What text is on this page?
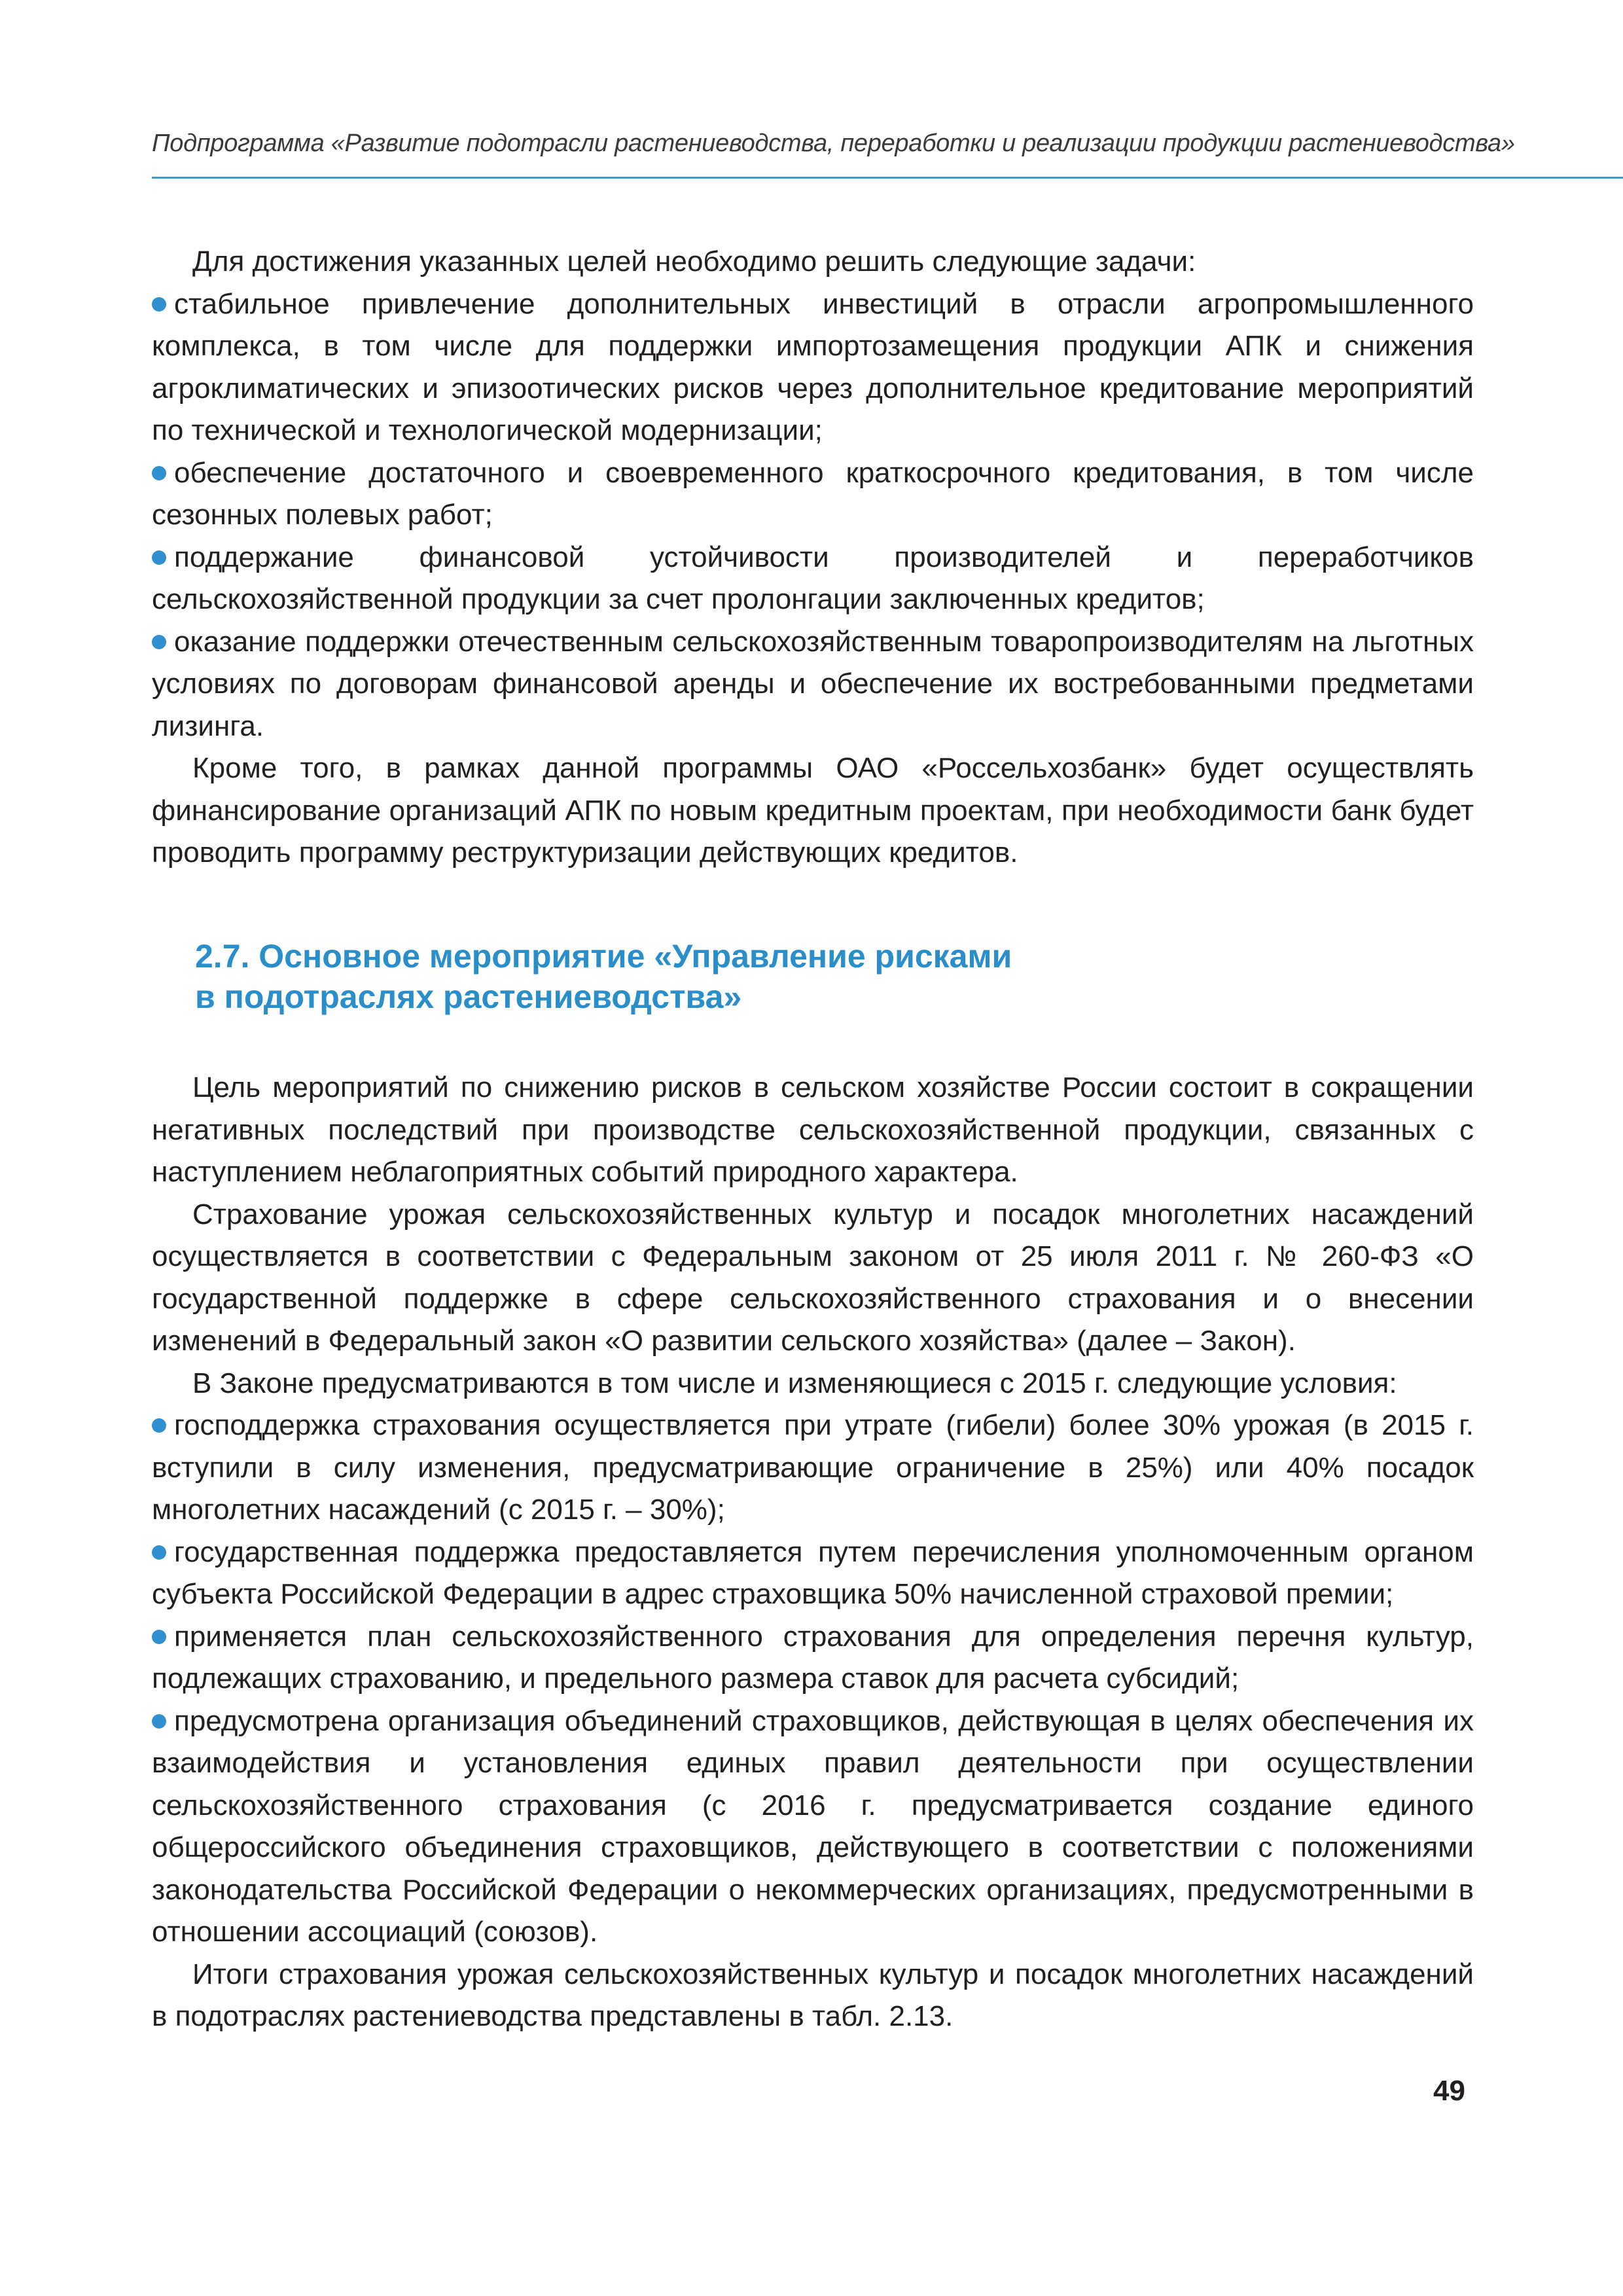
Подпрограмма «Развитие подотрасли растениеводства, переработки и реализации продукции растениеводства»

Для достижения указанных целей необходимо решить следующие задачи:

стабильное привлечение дополнительных инвестиций в отрасли агропромышленного комплекса, в том числе для поддержки импортозамещения продукции АПК и снижения агроклиматических и эпизоотических рисков через дополнительное кредитование мероприятий по технической и технологической модернизации;

обеспечение достаточного и своевременного краткосрочного кредитования, в том числе сезонных полевых работ;

поддержание финансовой устойчивости производителей и переработчиков сельскохозяйственной продукции за счет пролонгации заключенных кредитов;

оказание поддержки отечественным сельскохозяйственным товаропроизводителям на льготных условиях по договорам финансовой аренды и обеспечение их востребованными предметами лизинга.

Кроме того, в рамках данной программы ОАО «Россельхозбанк» будет осуществлять финансирование организаций АПК по новым кредитным проектам, при необходимости банк будет проводить программу реструктуризации действующих кредитов.

2.7. Основное мероприятие «Управление рисками
в подотраслях растениеводства»

Цель мероприятий по снижению рисков в сельском хозяйстве России состоит в сокращении негативных последствий при производстве сельскохозяйственной продукции, связанных с наступлением неблагоприятных событий природного характера.

Страхование урожая сельскохозяйственных культур и посадок многолетних насаждений осуществляется в соответствии с Федеральным законом от 25 июля 2011 г. № 260-ФЗ «О государственной поддержке в сфере сельскохозяйственного страхования и о внесении изменений в Федеральный закон «О развитии сельского хозяйства» (далее – Закон).

В Законе предусматриваются в том числе и изменяющиеся с 2015 г. следующие условия:

господдержка страхования осуществляется при утрате (гибели) более 30% урожая (в 2015 г. вступили в силу изменения, предусматривающие ограничение в 25%) или 40% посадок многолетних насаждений (с 2015 г. – 30%);

государственная поддержка предоставляется путем перечисления уполномоченным органом субъекта Российской Федерации в адрес страховщика 50% начисленной страховой премии;

применяется план сельскохозяйственного страхования для определения перечня культур, подлежащих страхованию, и предельного размера ставок для расчета субсидий;

предусмотрена организация объединений страховщиков, действующая в целях обеспечения их взаимодействия и установления единых правил деятельности при осуществлении сельскохозяйственного страхования (с 2016 г. предусматривается создание единого общероссийского объединения страховщиков, действующего в соответствии с положениями законодательства Российской Федерации о некоммерческих организациях, предусмотренными в отношении ассоциаций (союзов).

Итоги страхования урожая сельскохозяйственных культур и посадок многолетних насаждений в подотраслях растениеводства представлены в табл. 2.13.

49
